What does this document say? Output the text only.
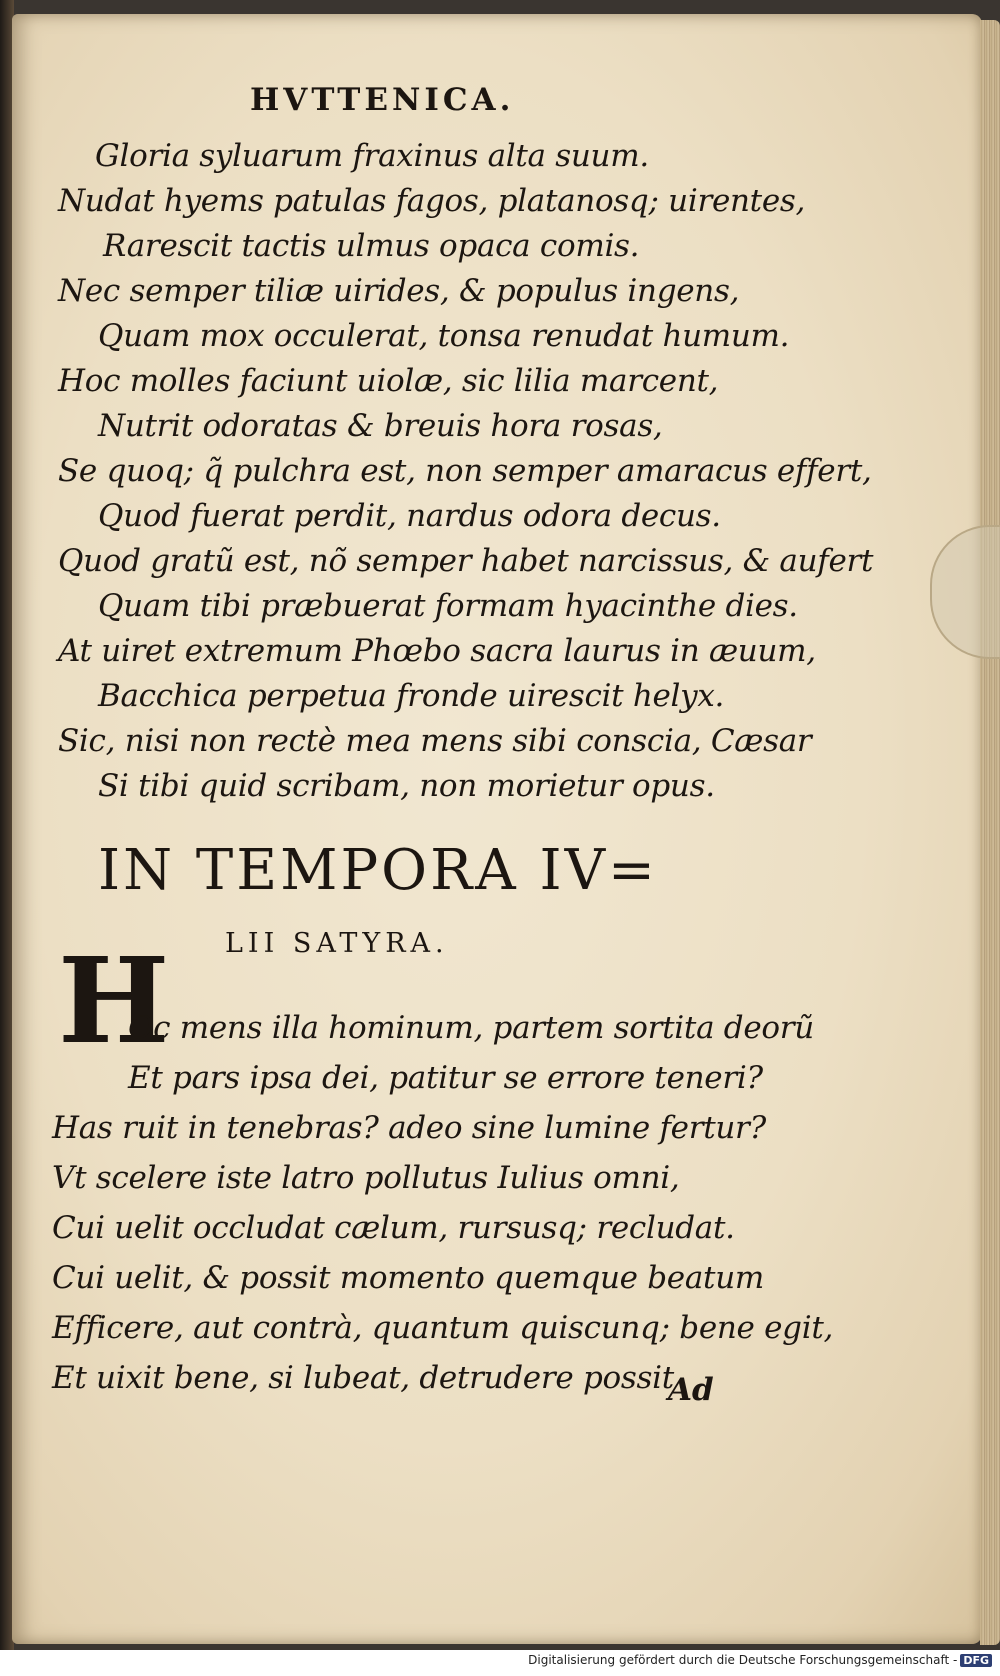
HVTTENICA.
Gloria syluarum fraxinus alta suum.
Nudat hyems patulas fagos, platanosq; uirentes,
Rarescit tactis ulmus opaca comis.
Nec semper tiliæ uirides, & populus ingens,
Quam mox occulerat, tonsa renudat humum.
Hoc molles faciunt uiolæ, sic lilia marcent,
Nutrit odoratas & breuis hora rosas,
Se quoq; q̃ pulchra est, non semper amaracus effert,
Quod fuerat perdit, nardus odora decus.
Quod gratũ est, nõ semper habet narcissus, & aufert
Quam tibi præbuerat formam hyacinthe dies.
At uiret extremum Phœbo sacra laurus in æuum,
Bacchica perpetua fronde uirescit helyx.
Sic, nisi non rectè mea mens sibi conscia, Cæsar
Si tibi quid scribam, non morietur opus.
IN TEMPORA IV=
LII SATYRA.
H
Oc mens illa hominum, partem sortita deorũ
Et pars ipsa dei, patitur se errore teneri?
Has ruit in tenebras? adeo sine lumine fertur?
Vt scelere iste latro pollutus Iulius omni,
Cui uelit occludat cælum, rursusq; recludat.
Cui uelit, & possit momento quemque beatum
Efficere, aut contrà, quantum quiscunq; bene egit,
Et uixit bene, si lubeat, detrudere possit
Ad
Digitalisierung gefördert durch die Deutsche Forschungsgemeinschaft - DFG
